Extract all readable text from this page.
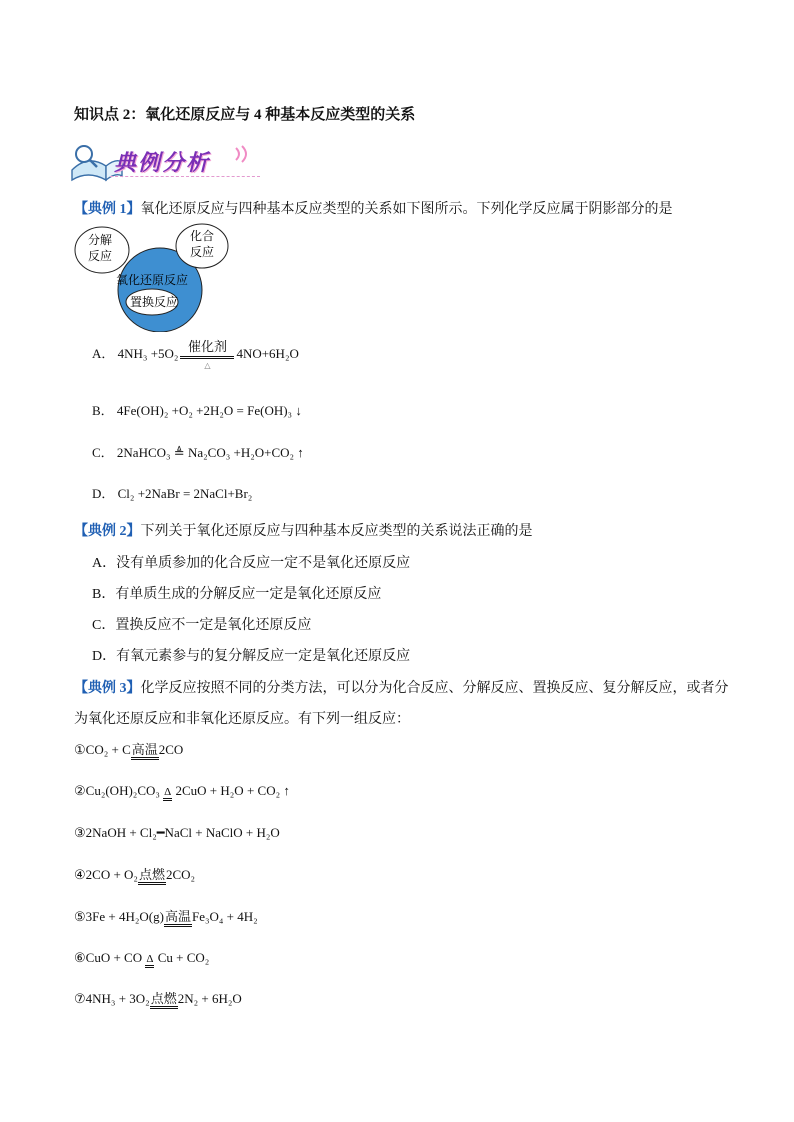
知识点 2：氧化还原反应与 4 种基本反应类型的关系
典例分析
【典例 1】氧化还原反应与四种基本反应类型的关系如下图所示。下列化学反应属于阴影部分的是
分解
反应
化合
反应
氧化还原反应
置换反应
A． $4NH_3 +5O_2 \frac{\text{催化剂}}{\triangle} 4NO+6H_2O$
B． 4Fe(OH)₂ +O₂ +2H₂O = Fe(OH)₃ ↓
C． 2NaHCO₃ ≜ Na₂CO₃ +H₂O+CO₂ ↑
D． Cl₂ +2NaBr = 2NaCl+Br₂
【典例 2】下列关于氧化还原反应与四种基本反应类型的关系说法正确的是
A．没有单质参加的化合反应一定不是氧化还原反应
B．有单质生成的分解反应一定是氧化还原反应
C．置换反应不一定是氧化还原反应
D．有氧元素参与的复分解反应一定是氧化还原反应
【典例 3】化学反应按照不同的分类方法，可以分为化合反应、分解反应、置换反应、复分解反应，或者分
为氧化还原反应和非氧化还原反应。有下列一组反应：
①CO₂ + C高温2CO
②Cu₂(OH)₂CO₃ Δ 2CuO + H₂O + CO₂ ↑
③2NaOH + Cl₂━NaCl + NaClO + H₂O
④2CO + O₂点燃2CO₂
⑤3Fe + 4H₂O(g)高温Fe₃O₄ + 4H₂
⑥CuO + CO Δ Cu + CO₂
⑦4NH₃ + 3O₂点燃2N₂ + 6H₂O
